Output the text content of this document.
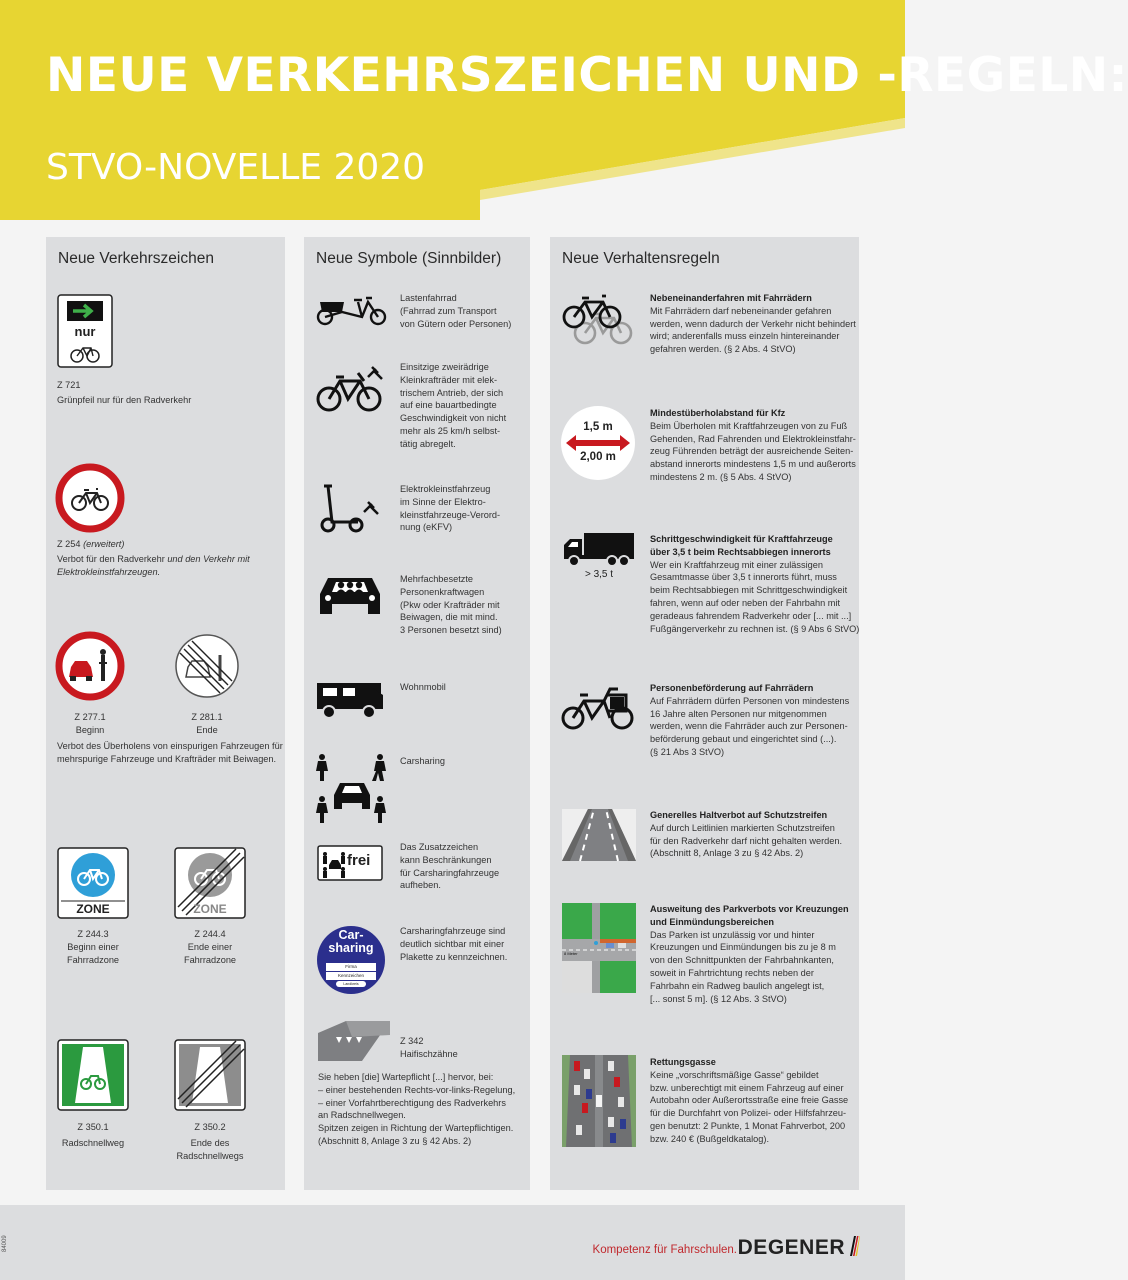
NEUE VERKEHRSZEICHEN UND -REGELN:
STVO-NOVELLE 2020
Neue Verkehrszeichen
nur
Z 721
Grünpfeil nur für den Radverkehr
Z 254 (erweitert)
Verbot für den Radverkehr und den Verkehr mit
Elektrokleinstfahrzeugen.
Z 277.1
Beginn
Z 281.1
Ende
Verbot des Überholens von einspurigen Fahrzeugen für
mehrspurige Fahrzeuge und Krafträder mit Beiwagen.
ZONE
Z 244.3
Beginn einer
Fahrradzone
ZONE
Z 244.4
Ende einer
Fahrradzone
Z 350.1
Radschnellweg
Z 350.2
Ende des Radschnellwegs
Neue Symbole (Sinnbilder)
Lastenfahrrad
(Fahrrad zum Transport
von Gütern oder Personen)
Einsitzige zweirädrige
Kleinkrafträder mit elek-
trischem Antrieb, der sich
auf eine bauartbedingte
Geschwindigkeit von nicht
mehr als 25 km/h selbst-
tätig abregelt.
Elektrokleinstfahrzeug
im Sinne der Elektro-
kleinstfahrzeuge-Verord-
nung (eKFV)
Mehrfachbesetzte
Personenkraftwagen
(Pkw oder Krafträder mit
Beiwagen, die mit mind.
3 Personen besetzt sind)
Wohnmobil
Carsharing
frei
Das Zusatzzeichen
kann Beschränkungen
für Carsharingfahrzeuge
aufheben.
Car-
sharing
Firma
Kennzeichen
Landkreis
Carsharingfahrzeuge sind
deutlich sichtbar mit einer
Plakette zu kennzeichnen.
Z 342
Haifischzähne
Sie heben [die] Wartepflicht [...] hervor, bei:
– einer bestehenden Rechts-vor-links-Regelung,
– einer Vorfahrtberechtigung des Radverkehrs
an Radschnellwegen.
Spitzen zeigen in Richtung der Wartepflichtigen.
(Abschnitt 8, Anlage 3 zu § 42 Abs. 2)
Neue Verhaltensregeln
Nebeneinanderfahren mit Fahrrädern
Mit Fahrrädern darf nebeneinander gefahren
werden, wenn dadurch der Verkehr nicht behindert
wird; anderenfalls muss einzeln hintereinander
gefahren werden. (§ 2 Abs. 4 StVO)
1,5 m
2,00 m
Mindestüberholabstand für Kfz
Beim Überholen mit Kraftfahrzeugen von zu Fuß
Gehenden, Rad Fahrenden und Elektrokleinstfahr-
zeug Führenden beträgt der ausreichende Seiten-
abstand innerorts mindestens 1,5 m und außerorts
mindestens 2 m. (§ 5 Abs. 4 StVO)
> 3,5 t
Schrittgeschwindigkeit für Kraftfahrzeuge
über 3,5 t beim Rechtsabbiegen innerorts
Wer ein Kraftfahrzeug mit einer zulässigen
Gesamtmasse über 3,5 t innerorts führt, muss
beim Rechtsabbiegen mit Schrittgeschwindigkeit
fahren, wenn auf oder neben der Fahrbahn mit
geradeaus fahrendem Radverkehr oder [... mit ...]
Fußgängerverkehr zu rechnen ist. (§ 9 Abs 6 StVO)
Personenbeförderung auf Fahrrädern
Auf Fahrrädern dürfen Personen von mindestens
16 Jahre alten Personen nur mitgenommen
werden, wenn die Fahrräder auch zur Personen-
beförderung gebaut und eingerichtet sind (...).
(§ 21 Abs 3 StVO)
Generelles Haltverbot auf Schutzstreifen
Auf durch Leitlinien markierten Schutzstreifen
für den Radverkehr darf nicht gehalten werden.
(Abschnitt 8, Anlage 3 zu § 42 Abs. 2)
8 Meter
Ausweitung des Parkverbots vor Kreuzungen
und Einmündungsbereichen
Das Parken ist unzulässig vor und hinter
Kreuzungen und Einmündungen bis zu je 8 m
von den Schnittpunkten der Fahrbahnkanten,
soweit in Fahrtrichtung rechts neben der
Fahrbahn ein Radweg baulich angelegt ist,
[... sonst 5 m]. (§ 12 Abs. 3 StVO)
Rettungsgasse
Keine „vorschriftsmäßige Gasse“ gebildet
bzw. unberechtigt mit einem Fahrzeug auf einer
Autobahn oder Außerortsstraße eine freie Gasse
für die Durchfahrt von Polizei- oder Hilfsfahrzeu-
gen benutzt: 2 Punkte, 1 Monat Fahrverbot, 200
bzw. 240 € (Bußgeldkatalog).
Kompetenz für Fahrschulen. DEGENER
84009
